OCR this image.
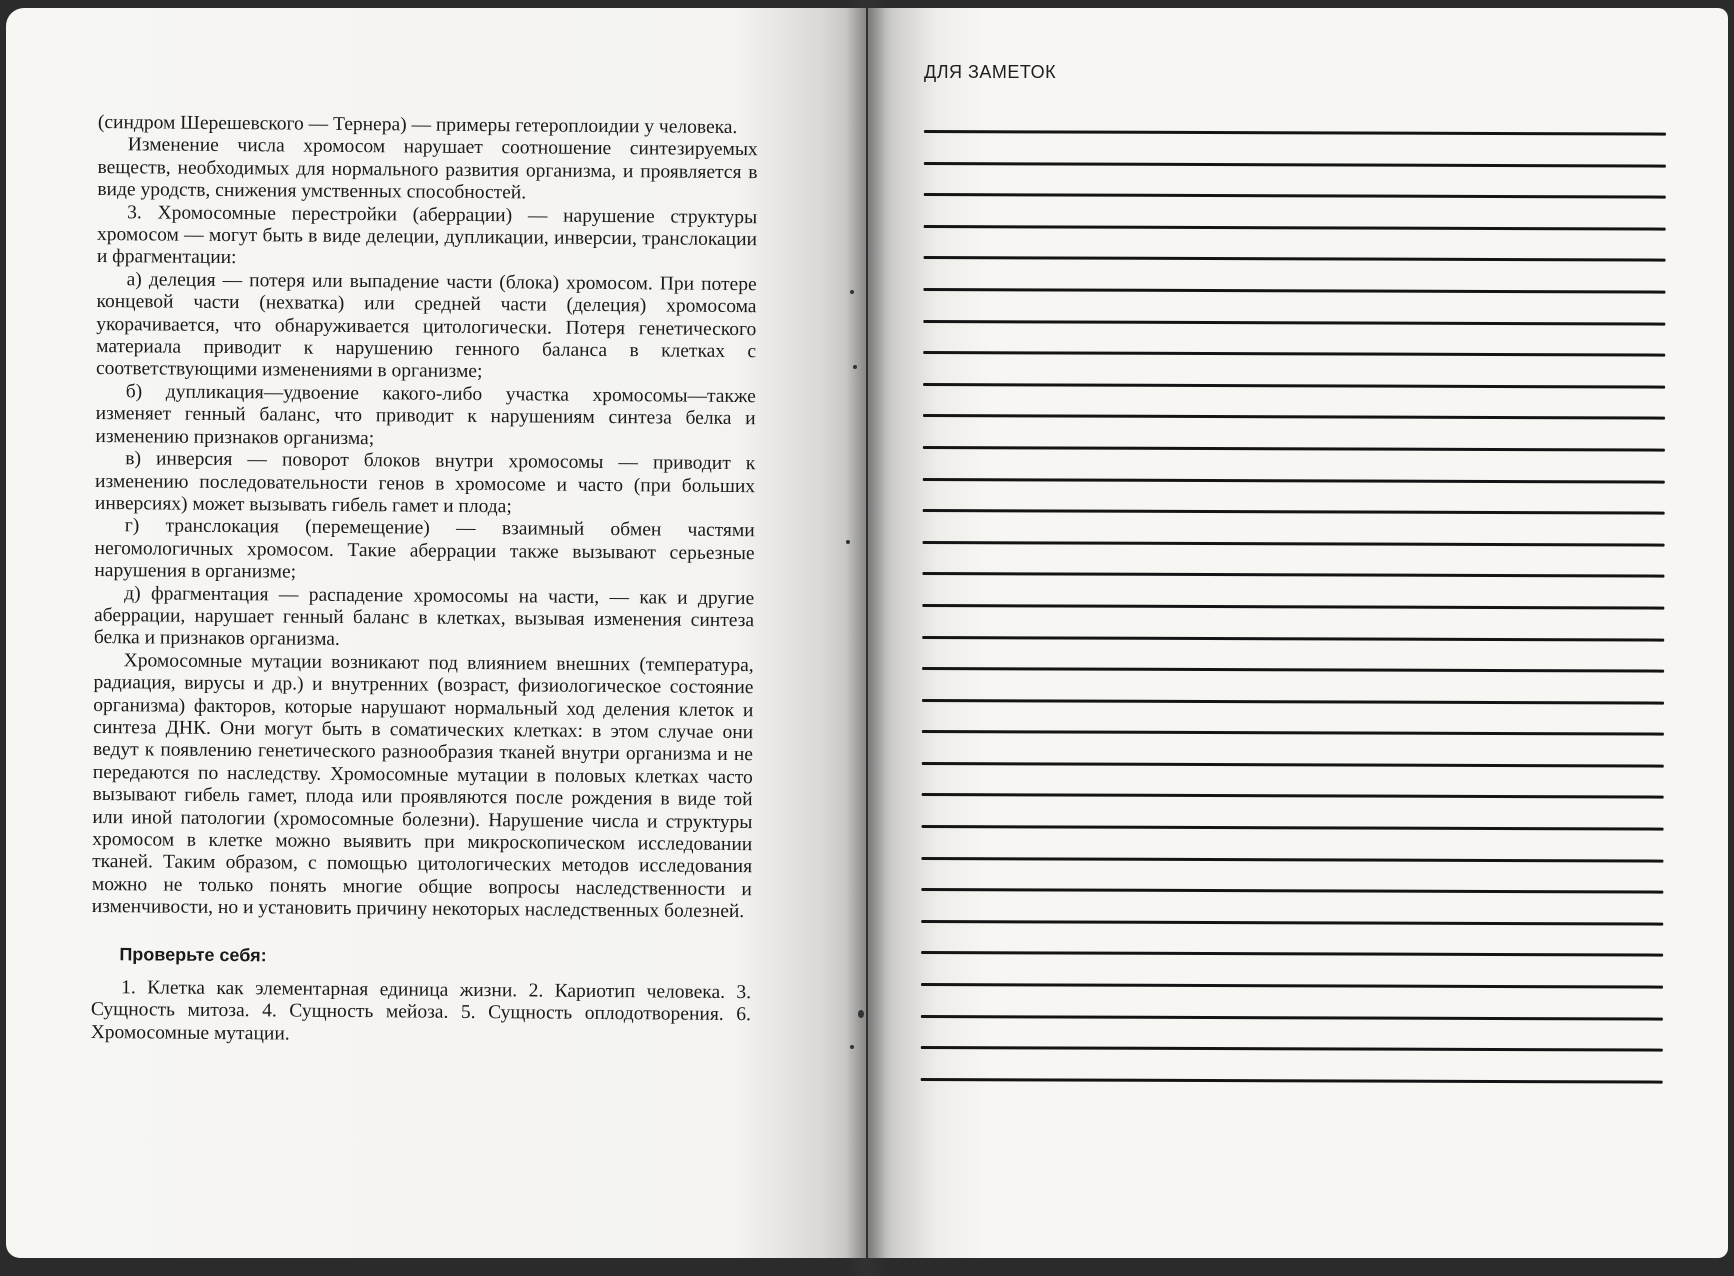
(синдром Шерешевского — Тернера) — примеры гетероплоидии у человека.

Изменение числа хромосом нарушает соотношение синтезируемых веществ, необходимых для нормального развития организма, и проявляется в виде уродств, снижения умственных способностей.

3. Хромосомные перестройки (аберрации) — нарушение структуры хромосом — могут быть в виде делеции, дупликации, инверсии, транслокации и фрагментации:

а) делеция — потеря или выпадение части (блока) хромосом. При потере концевой части (нехватка) или средней части (делеция) хромосома укорачивается, что обнаруживается цитологически. Потеря генетического материала приводит к нарушению генного баланса в клетках с соответствующими изменениями в организме;

б) дупликация—удвоение какого-либо участка хромосомы—также изменяет генный баланс, что приводит к нарушениям синтеза белка и изменению признаков организма;

в) инверсия — поворот блоков внутри хромосомы — приводит к изменению последовательности генов в хромосоме и часто (при больших инверсиях) может вызывать гибель гамет и плода;

г) транслокация (перемещение) — взаимный обмен частями негомологичных хромосом. Такие аберрации также вызывают серьезные нарушения в организме;

д) фрагментация — распадение хромосомы на части, — как и другие аберрации, нарушает генный баланс в клетках, вызывая изменения синтеза белка и признаков организма.

Хромосомные мутации возникают под влиянием внешних (температура, радиация, вирусы и др.) и внутренних (возраст, физиологическое состояние организма) факторов, которые нарушают нормальный ход деления клеток и синтеза ДНК. Они могут быть в соматических клетках: в этом случае они ведут к появлению генетического разнообразия тканей внутри организма и не передаются по наследству. Хромосомные мутации в половых клетках часто вызывают гибель гамет, плода или проявляются после рождения в виде той или иной патологии (хромосомные болезни). Нарушение числа и структуры хромосом в клетке можно выявить при микроскопическом исследовании тканей. Таким образом, с помощью цитологических методов исследования можно не только понять многие общие вопросы наследственности и изменчивости, но и установить причину некоторых наследственных болезней.

Проверьте себя:

1. Клетка как элементарная единица жизни. 2. Кариотип человека. 3. Сущность митоза. 4. Сущность мейоза. 5. Сущность оплодотворения. 6. Хромосомные мутации.

ДЛЯ ЗАМЕТОК
